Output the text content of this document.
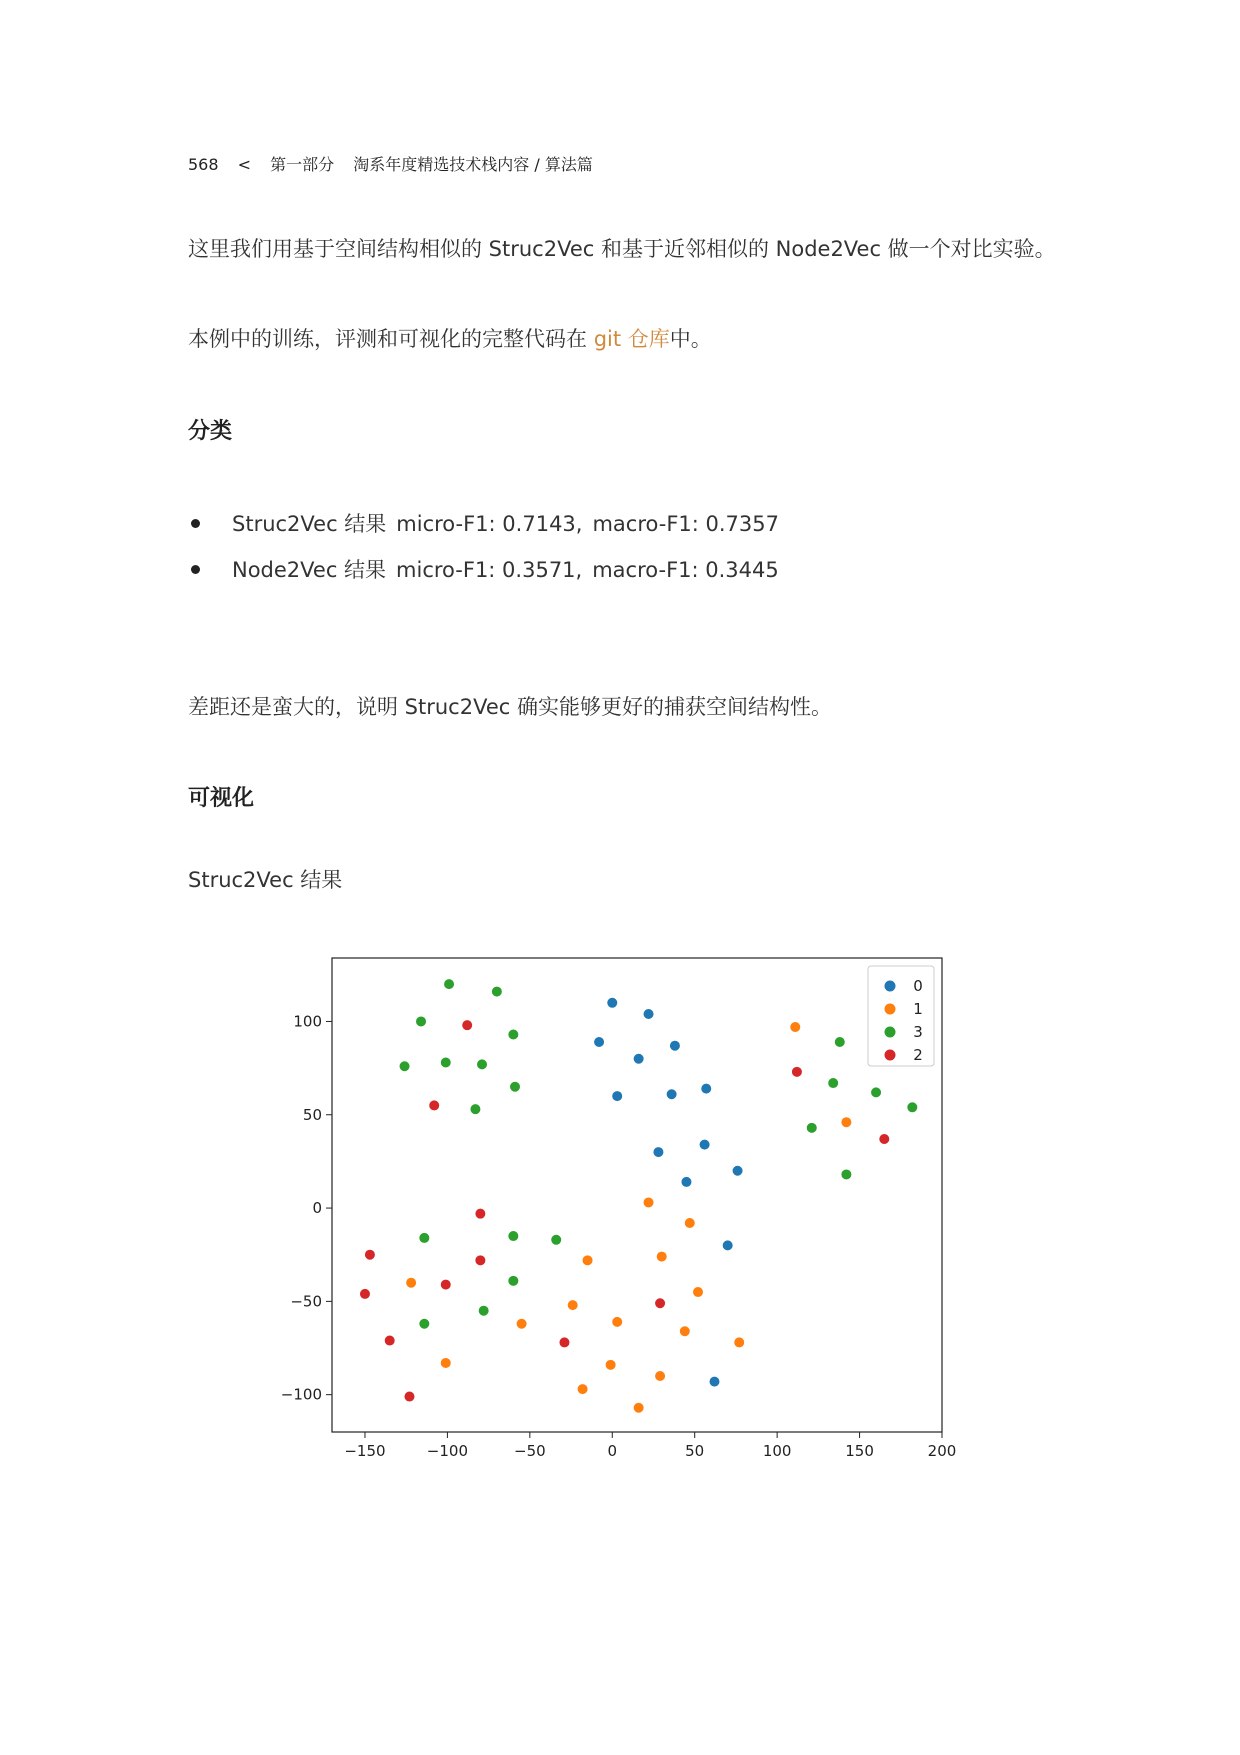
568 < 第一部分 淘系年度精选技术栈内容 / 算法篇
这里我们用基于空间结构相似的 Struc2Vec 和基于近邻相似的 Node2Vec 做一个对比实验。
本例中的训练，评测和可视化的完整代码在 git 仓库中。
分类
Struc2Vec 结果 micro-F1: 0.7143, macro-F1: 0.7357
Node2Vec 结果 micro-F1: 0.3571, macro-F1: 0.3445
差距还是蛮大的，说明 Struc2Vec 确实能够更好的捕获空间结构性。
可视化
Struc2Vec 结果
−150	−100	−50	0	50	100	150	200
−100
−50
0
50
100
0
1
3
2
